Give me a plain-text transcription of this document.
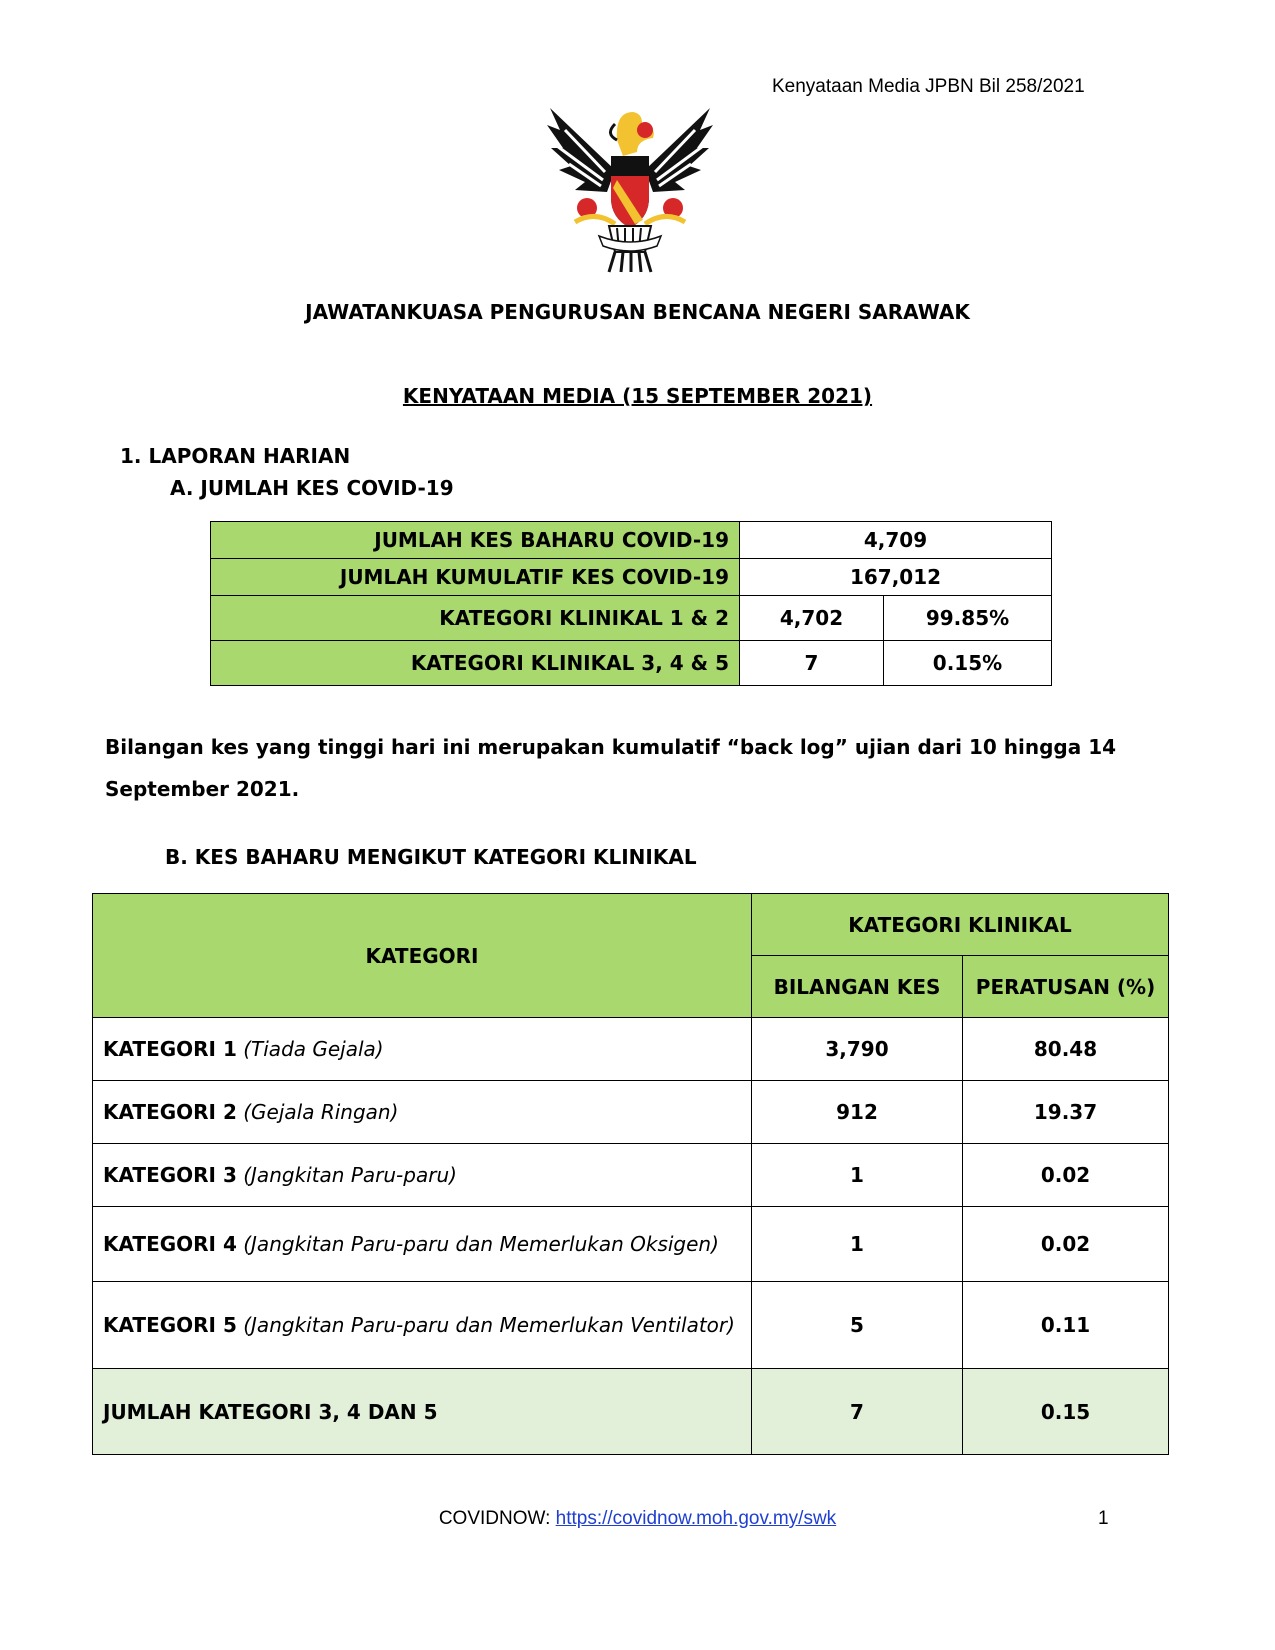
Kenyataan Media JPBN Bil 258/2021
JAWATANKUASA PENGURUSAN BENCANA NEGERI SARAWAK
KENYATAAN MEDIA (15 SEPTEMBER 2021)
1. LAPORAN HARIAN
A. JUMLAH KES COVID-19
JUMLAH KES BAHARU COVID-19	4,709	
JUMLAH KUMULATIF KES COVID-19	167,012	
KATEGORI KLINIKAL 1 & 2	4,702	99.85%
KATEGORI KLINIKAL 3, 4 & 5	7	0.15%
Bilangan kes yang tinggi hari ini merupakan kumulatif “back log” ujian dari 10 hingga 14 September 2021.
B. KES BAHARU MENGIKUT KATEGORI KLINIKAL
KATEGORI	KATEGORI KLINIKAL	
	BILANGAN KES	PERATUSAN (%)
KATEGORI 1 (Tiada Gejala)	3,790	80.48
KATEGORI 2 (Gejala Ringan)	912	19.37
KATEGORI 3 (Jangkitan Paru-paru)	1	0.02
KATEGORI 4 (Jangkitan Paru-paru dan Memerlukan Oksigen)	1	0.02
KATEGORI 5 (Jangkitan Paru-paru dan Memerlukan Ventilator)	5	0.11
JUMLAH KATEGORI 3, 4 DAN 5	7	0.15
COVIDNOW: https://covidnow.moh.gov.my/swk	1
